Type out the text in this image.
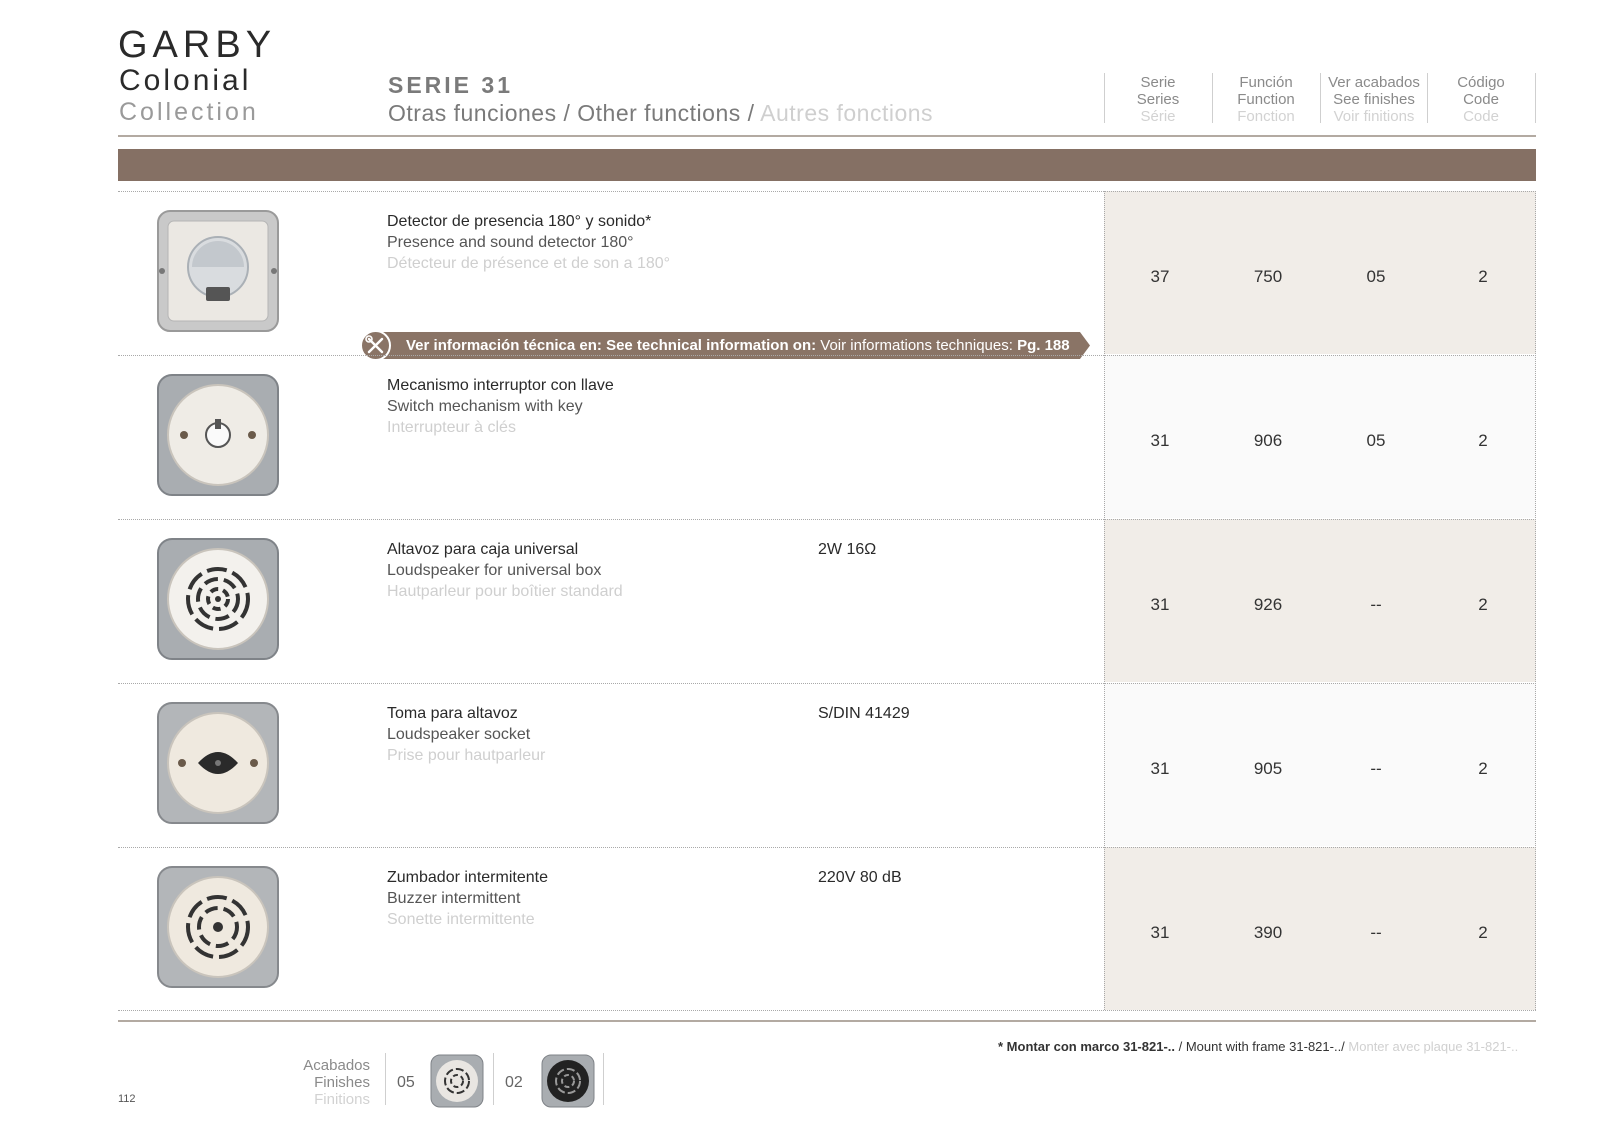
GARBY
Colonial
Collection
SERIE 31
Otras funciones / Other functions / Autres fonctions
Serie
Series
Série
Función
Function
Fonction
Ver acabados
See finishes
Voir finitions
Código
Code
Code
Detector de presencia 180° y sonido*
Presence and sound detector 180°
Détecteur de présence et de son a 180°
37	750	05	2
Ver información técnica en: See technical information on: Voir informations techniques: Pg. 188
Mecanismo interruptor con llave
Switch mechanism with key
Interrupteur à clés
31	906	05	2
Altavoz para caja universal
Loudspeaker for universal box
Hautparleur pour boîtier standard
2W 16Ω
31	926	--	2
Toma para altavoz
Loudspeaker socket
Prise pour hautparleur
S/DIN 41429
31	905	--	2
Zumbador intermitente
Buzzer intermittent
Sonette intermittente
220V 80 dB
31	390	--	2
* Montar con marco 31-821-.. / Mount with frame 31-821-../ Monter avec plaque 31-821-..
Acabados
Finishes
Finitions
05	02
112
